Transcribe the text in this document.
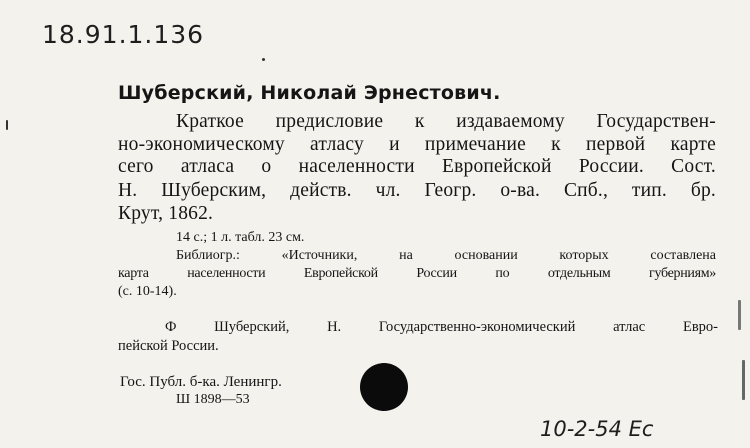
18.91.1.136
Шуберский, Николай Эрнестович.
Краткое предисловие к издаваемому Государствен-
но-экономическому атласу и примечание к первой карте
сего атласа о населенности Европейской России. Сост.
Н. Шуберским, действ. чл. Геогр. о-ва. Спб., тип. бр.
Крут, 1862.
14 с.; 1 л. табл. 23 см.
Библиогр.: «Источники, на основании которых составлена
карта населенности Европейской России по отдельным губерниям»
(с. 10-14).
Ф Шуберский, Н. Государственно-экономический атлас Евро-
пейской России.
Гос. Публ. б-ка. Ленингр.
Ш 1898—53
10-2-54 Ес
